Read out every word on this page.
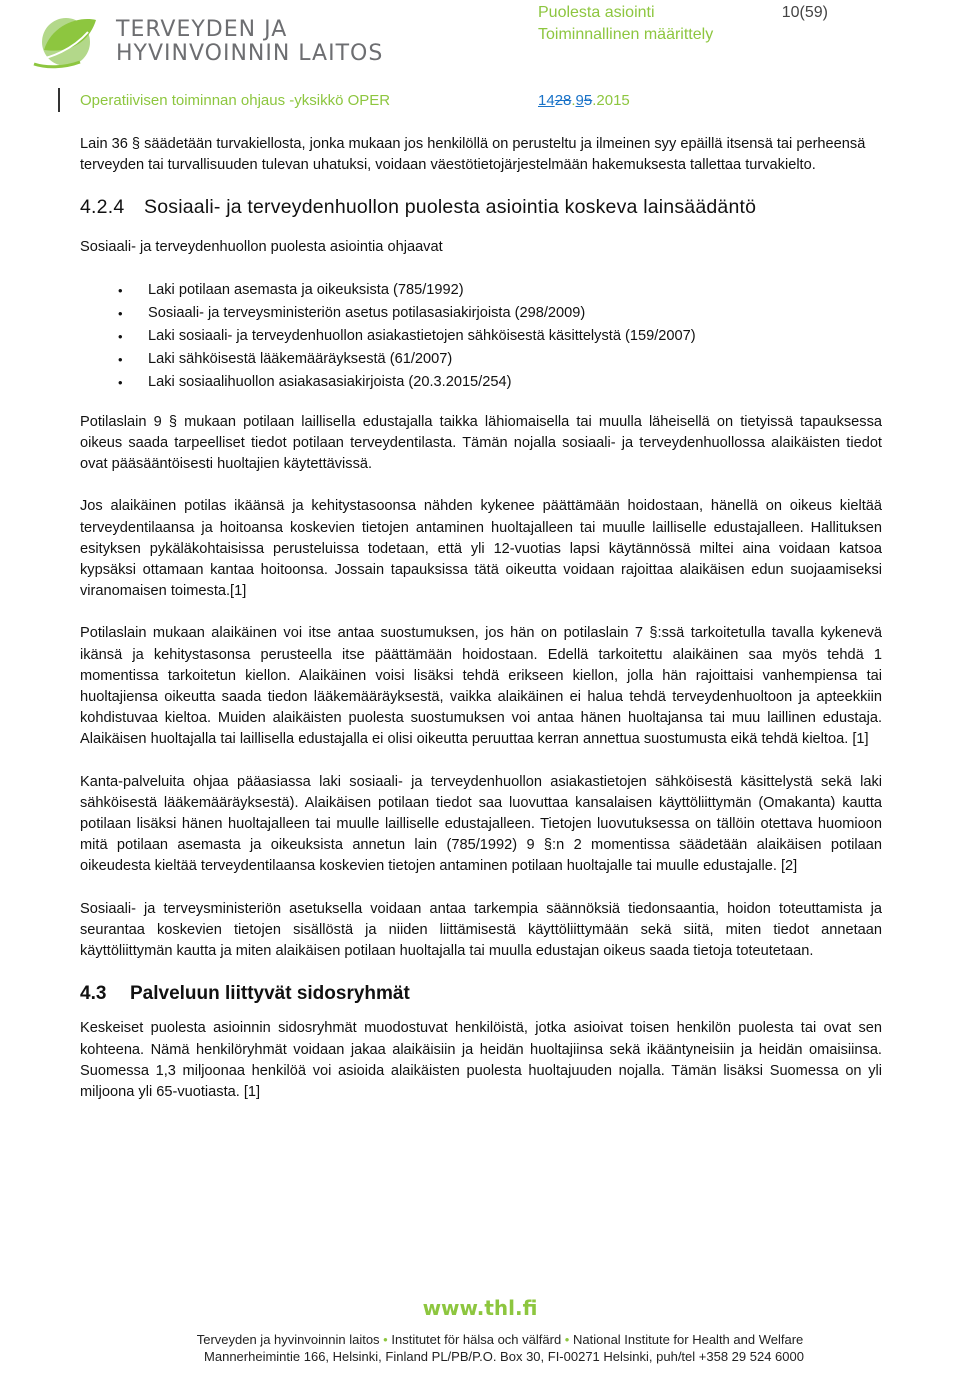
TERVEYDEN JA
HYVINVOINNIN LAITOS
Puolesta asiointi	10(59)
Toiminnallinen määrittely
Operatiivisen toiminnan ohjaus -yksikkö OPER	1428.95.2015

Lain 36 § säädetään turvakiellosta, jonka mukaan jos henkilöllä on perusteltu ja ilmeinen syy epäillä itsensä tai perheensä terveyden tai turvallisuuden tulevan uhatuksi, voidaan väestötietojärjestelmään hakemuksesta tallettaa turvakielto.

4.2.4 Sosiaali- ja terveydenhuollon puolesta asiointia koskeva lainsäädäntö

Sosiaali- ja terveydenhuollon puolesta asiointia ohjaavat

• Laki potilaan asemasta ja oikeuksista (785/1992)
• Sosiaali- ja terveysministeriön asetus potilasasiakirjoista (298/2009)
• Laki sosiaali- ja terveydenhuollon asiakastietojen sähköisestä käsittelystä (159/2007)
• Laki sähköisestä lääkemääräyksestä (61/2007)
• Laki sosiaalihuollon asiakasasiakirjoista (20.3.2015/254)

Potilaslain 9 § mukaan potilaan laillisella edustajalla taikka lähiomaisella tai muulla läheisellä on tietyissä tapauksessa oikeus saada tarpeelliset tiedot potilaan terveydentilasta. Tämän nojalla sosiaali- ja terveydenhuollossa alaikäisten tiedot ovat pääsääntöisesti huoltajien käytettävissä.

Jos alaikäinen potilas ikäänsä ja kehitystasoonsa nähden kykenee päättämään hoidostaan, hänellä on oikeus kieltää terveydentilaansa ja hoitoansa koskevien tietojen antaminen huoltajalleen tai muulle lailliselle edustajalleen. Hallituksen esityksen pykäläkohtaisissa perusteluissa todetaan, että yli 12-vuotias lapsi käytännössä miltei aina voidaan katsoa kypsäksi ottamaan kantaa hoitoonsa. Jossain tapauksissa tätä oikeutta voidaan rajoittaa alaikäisen edun suojaamiseksi viranomaisen toimesta.[1]

Potilaslain mukaan alaikäinen voi itse antaa suostumuksen, jos hän on potilaslain 7 §:ssä tarkoitetulla tavalla kykenevä ikänsä ja kehitystasonsa perusteella itse päättämään hoidostaan. Edellä tarkoitettu alaikäinen saa myös tehdä 1 momentissa tarkoitetun kiellon. Alaikäinen voisi lisäksi tehdä erikseen kiellon, jolla hän rajoittaisi vanhempiensa tai huoltajiensa oikeutta saada tiedon lääkemääräyksestä, vaikka alaikäinen ei halua tehdä terveydenhuoltoon ja apteekkiin kohdistuvaa kieltoa. Muiden alaikäisten puolesta suostumuksen voi antaa hänen huoltajansa tai muu laillinen edustaja. Alaikäisen huoltajalla tai laillisella edustajalla ei olisi oikeutta peruuttaa kerran annettua suostumusta eikä tehdä kieltoa. [1]

Kanta-palveluita ohjaa pääasiassa laki sosiaali- ja terveydenhuollon asiakastietojen sähköisestä käsittelystä sekä laki sähköisestä lääkemääräyksestä). Alaikäisen potilaan tiedot saa luovuttaa kansalaisen käyttöliittymän (Omakanta) kautta potilaan lisäksi hänen huoltajalleen tai muulle lailliselle edustajalleen. Tietojen luovutuksessa on tällöin otettava huomioon mitä potilaan asemasta ja oikeuksista annetun lain (785/1992) 9 §:n 2 momentissa säädetään alaikäisen potilaan oikeudesta kieltää terveydentilaansa koskevien tietojen antaminen potilaan huoltajalle tai muulle edustajalle. [2]

Sosiaali- ja terveysministeriön asetuksella voidaan antaa tarkempia säännöksiä tiedonsaantia, hoidon toteuttamista ja seurantaa koskevien tietojen sisällöstä ja niiden liittämisestä käyttöliittymään sekä siitä, miten tiedot annetaan käyttöliittymän kautta ja miten alaikäisen potilaan huoltajalla tai muulla edustajan oikeus saada tietoja toteutetaan.

4.3 Palveluun liittyvät sidosryhmät

Keskeiset puolesta asioinnin sidosryhmät muodostuvat henkilöistä, jotka asioivat toisen henkilön puolesta tai ovat sen kohteena. Nämä henkilöryhmät voidaan jakaa alaikäisiin ja heidän huoltajiinsa sekä ikääntyneisiin ja heidän omaisiinsa. Suomessa 1,3 miljoonaa henkilöä voi asioida alaikäisten puolesta huoltajuuden nojalla. Tämän lisäksi Suomessa on yli miljoona yli 65-vuotiasta. [1]

www.thl.fi
Terveyden ja hyvinvoinnin laitos • Institutet för hälsa och välfärd • National Institute for Health and Welfare
Mannerheimintie 166, Helsinki, Finland PL/PB/P.O. Box 30, FI-00271 Helsinki, puh/tel +358 29 524 6000
